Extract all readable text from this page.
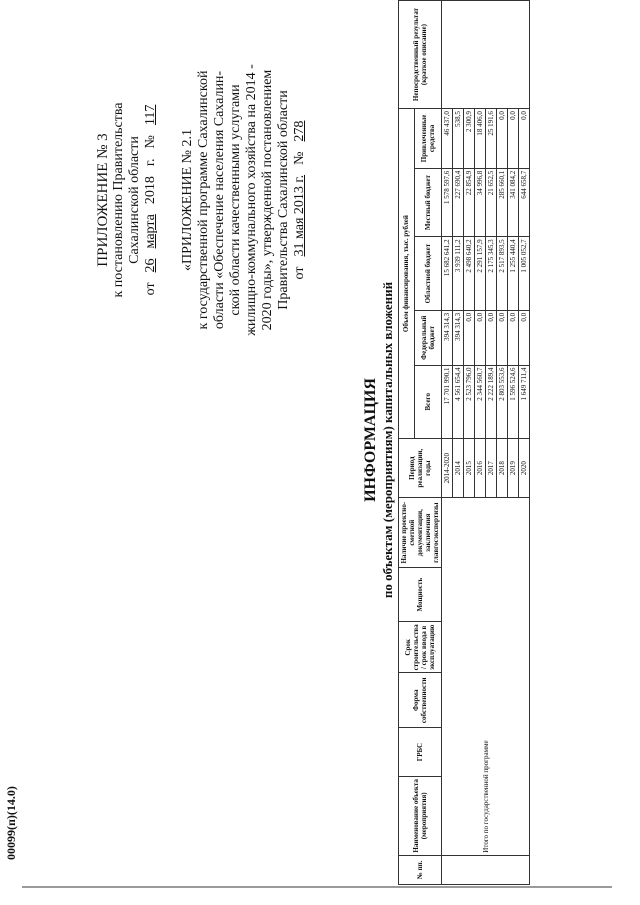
00099(п)(14.0)
ПРИЛОЖЕНИЕ № 3 к постановлению Правительства Сахалинской области
от
26
марта
2018
г.
№
117
«ПРИЛОЖЕНИЕ № 2.1 к государственной программе Сахалинской области «Обеспечение населения Сахалин- ской области качественными услугами жилищно-коммунального хозяйства на 2014 - 2020 годы», утвержденной постановлением Правительства Сахалинской области от
31 мая 2013 г.
№
278
ИНФОРМАЦИЯ по объектам (мероприятиям) капитальных вложений
№ пп.	Наименование объекта (мероприятия)	ГРБС	Форма собственности	Срок строительства / срок ввода в эксплуатацию	Мощность	Наличие проектно-сметной документации, заключения главгосэкспертизы	Период реализации, годы	Объем финансирования, тыс. рублей					Непосредственный результат (краткое описание)
								Всего	Федеральный бюджет	Областной бюджет	Местный бюджет	Привлеченные средства	
	Итого по государственной программе						2014-2020	17 701 990,1	394 314,3	15 682 641,2	1 578 597,6	46 437,0	
							2014	4 561 654,4	394 314,3	3 939 111,2	227 690,4	538,5	
							2015	2 523 796,0	0,0	2 498 640,2	22 854,9	2 300,9	
							2016	2 344 560,7	0,0	2 291 157,9	34 996,8	18 406,0	
							2017	2 222 189,4	0,0	2 175 345,3	21 652,5	25 191,6	
							2018	2 803 553,6	0,0	2 517 893,5	285 660,1	0,0	
							2019	1 596 524,6	0,0	1 255 440,4	341 084,2	0,0	
							2020	1 649 711,4	0,0	1 005 052,7	644 658,7	0,0	
